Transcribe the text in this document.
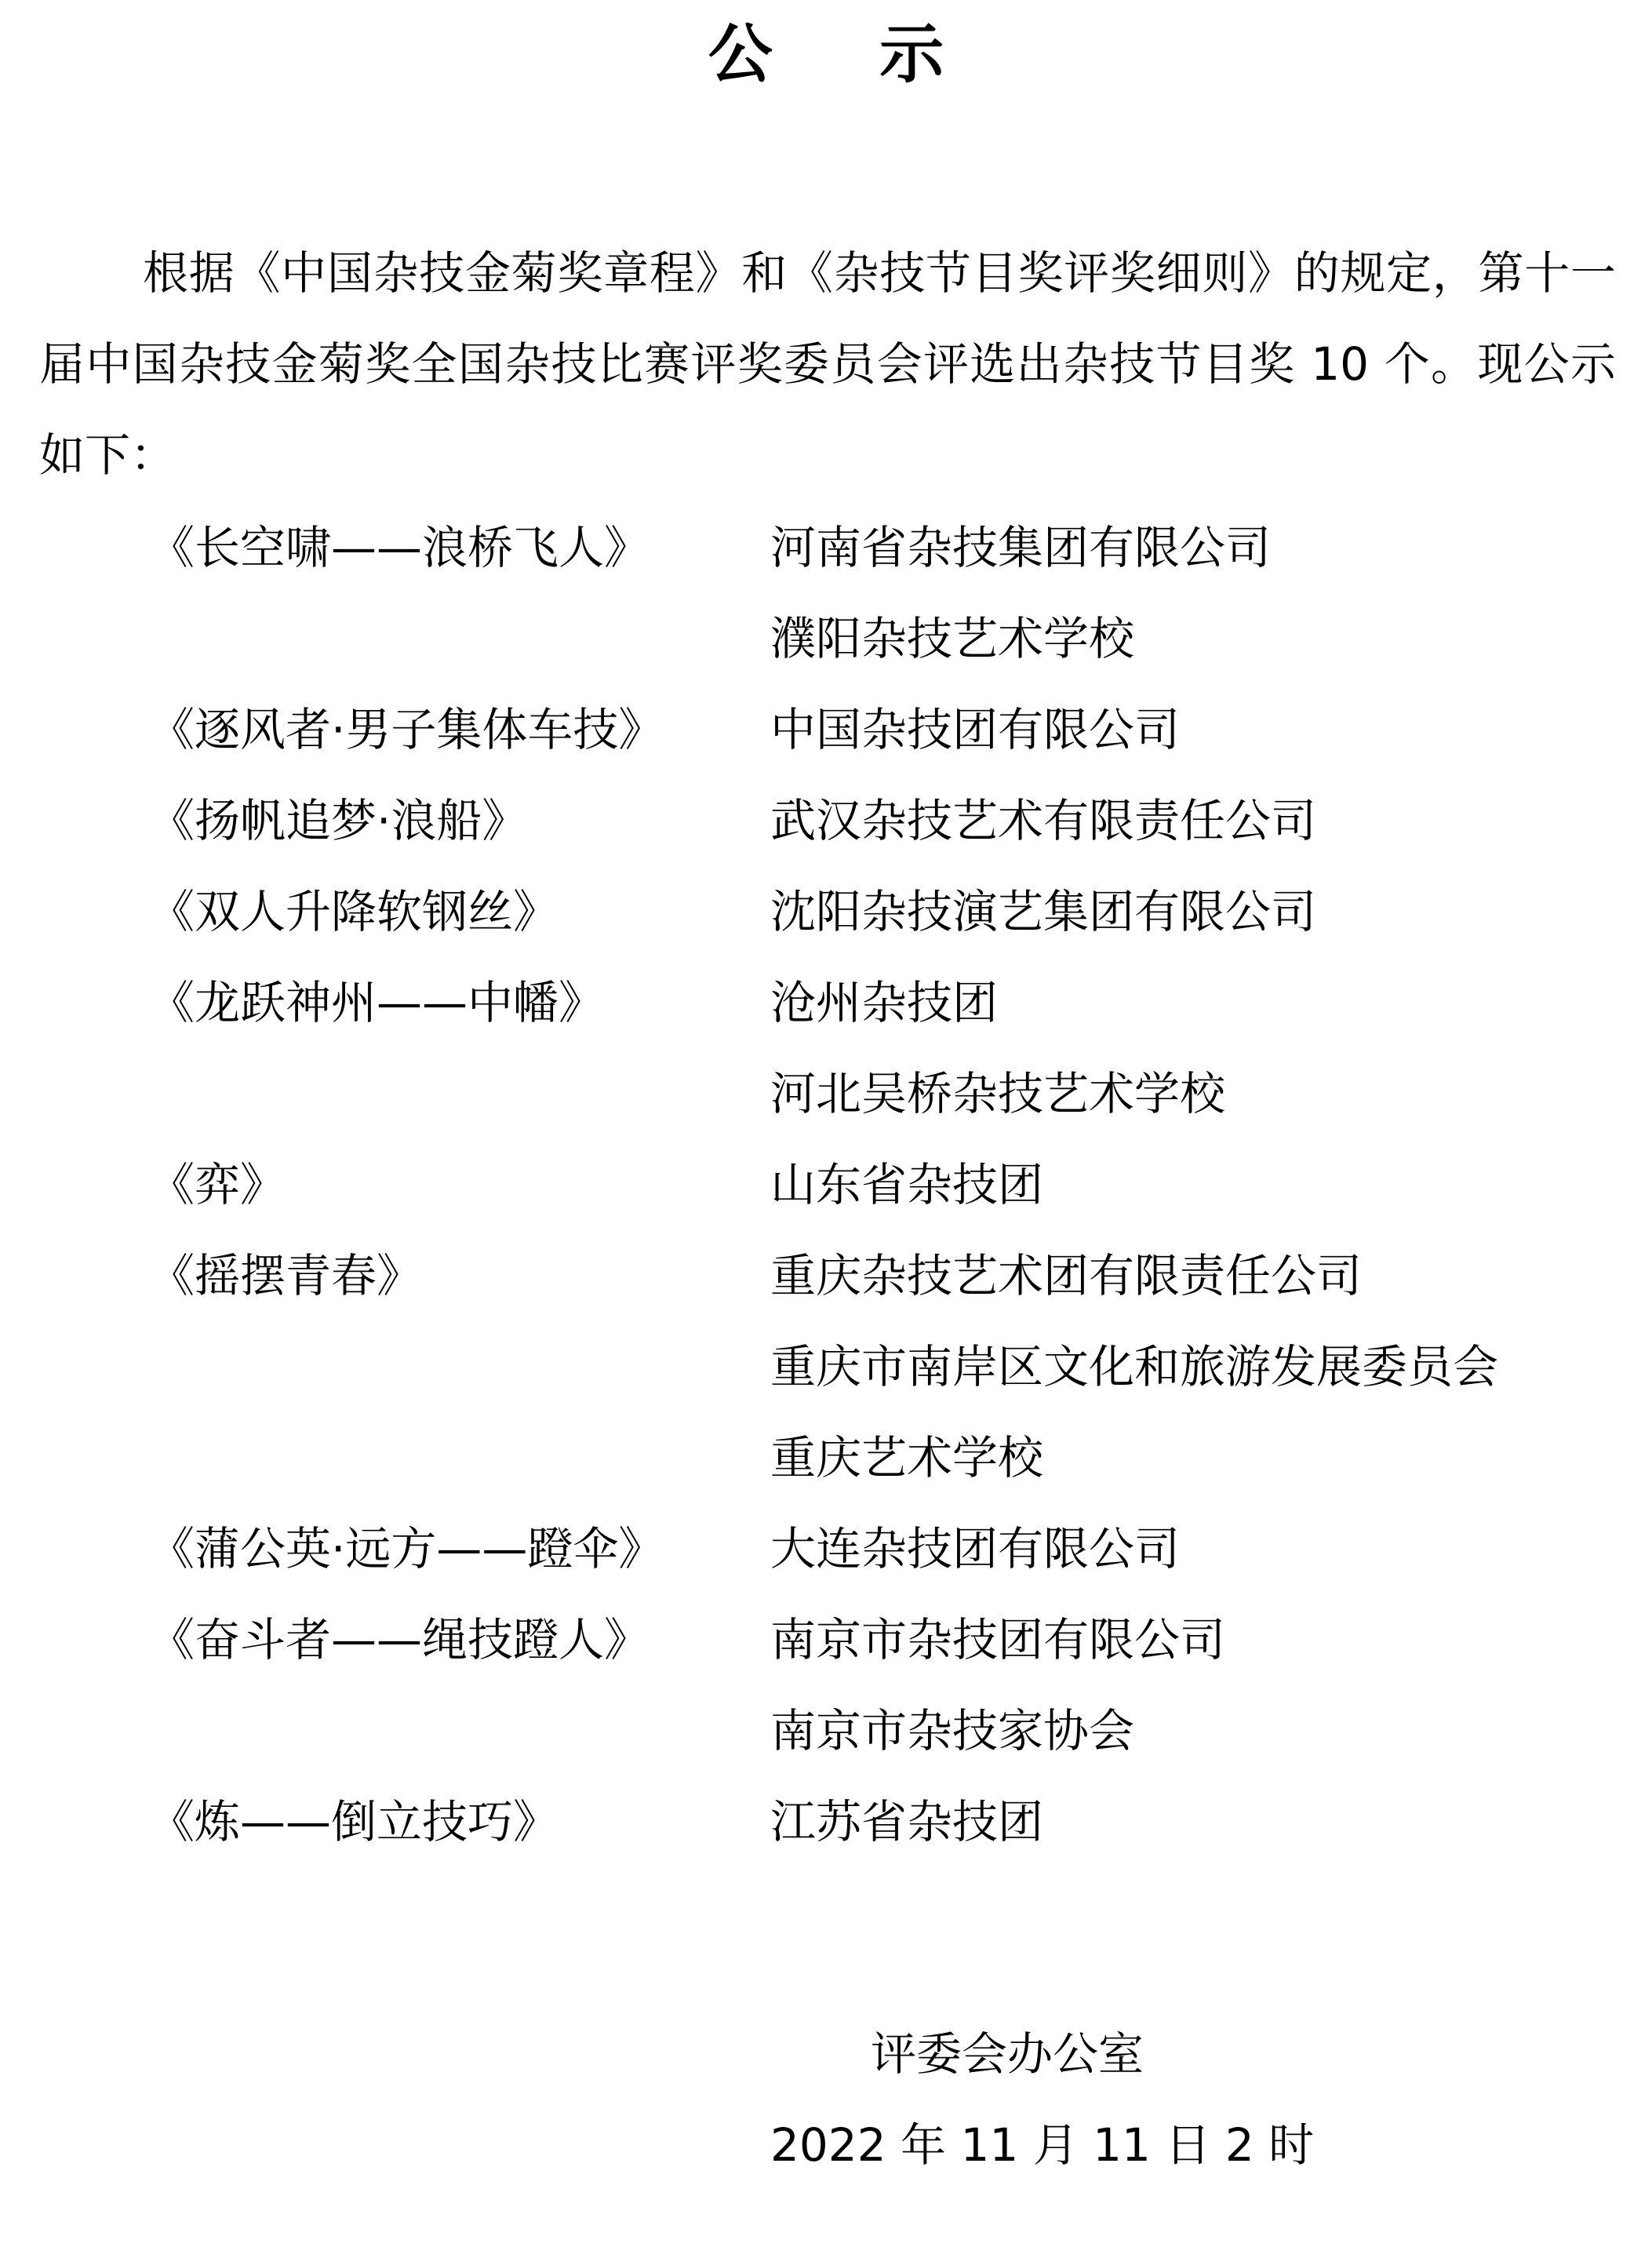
公 示
根据《中国杂技金菊奖章程》和《杂技节目奖评奖细则》的规定，第十一届中国杂技金菊奖全国杂技比赛评奖委员会评选出杂技节目奖 10 个。现公示如下：
《长空啸——浪桥飞人》	河南省杂技集团有限公司
濮阳杂技艺术学校
《逐风者·男子集体车技》	中国杂技团有限公司
《扬帆追梦·浪船》	武汉杂技艺术有限责任公司
《双人升降软钢丝》	沈阳杂技演艺集团有限公司
《龙跃神州——中幡》	沧州杂技团
河北吴桥杂技艺术学校
《弈》	山东省杂技团
《摇摆青春》	重庆杂技艺术团有限责任公司
重庆市南岸区文化和旅游发展委员会
重庆艺术学校
《蒲公英·远方——蹬伞》	大连杂技团有限公司
《奋斗者——绳技蹬人》	南京市杂技团有限公司
南京市杂技家协会
《炼——倒立技巧》	江苏省杂技团
评委会办公室
2022 年 11 月 11 日 2 时
